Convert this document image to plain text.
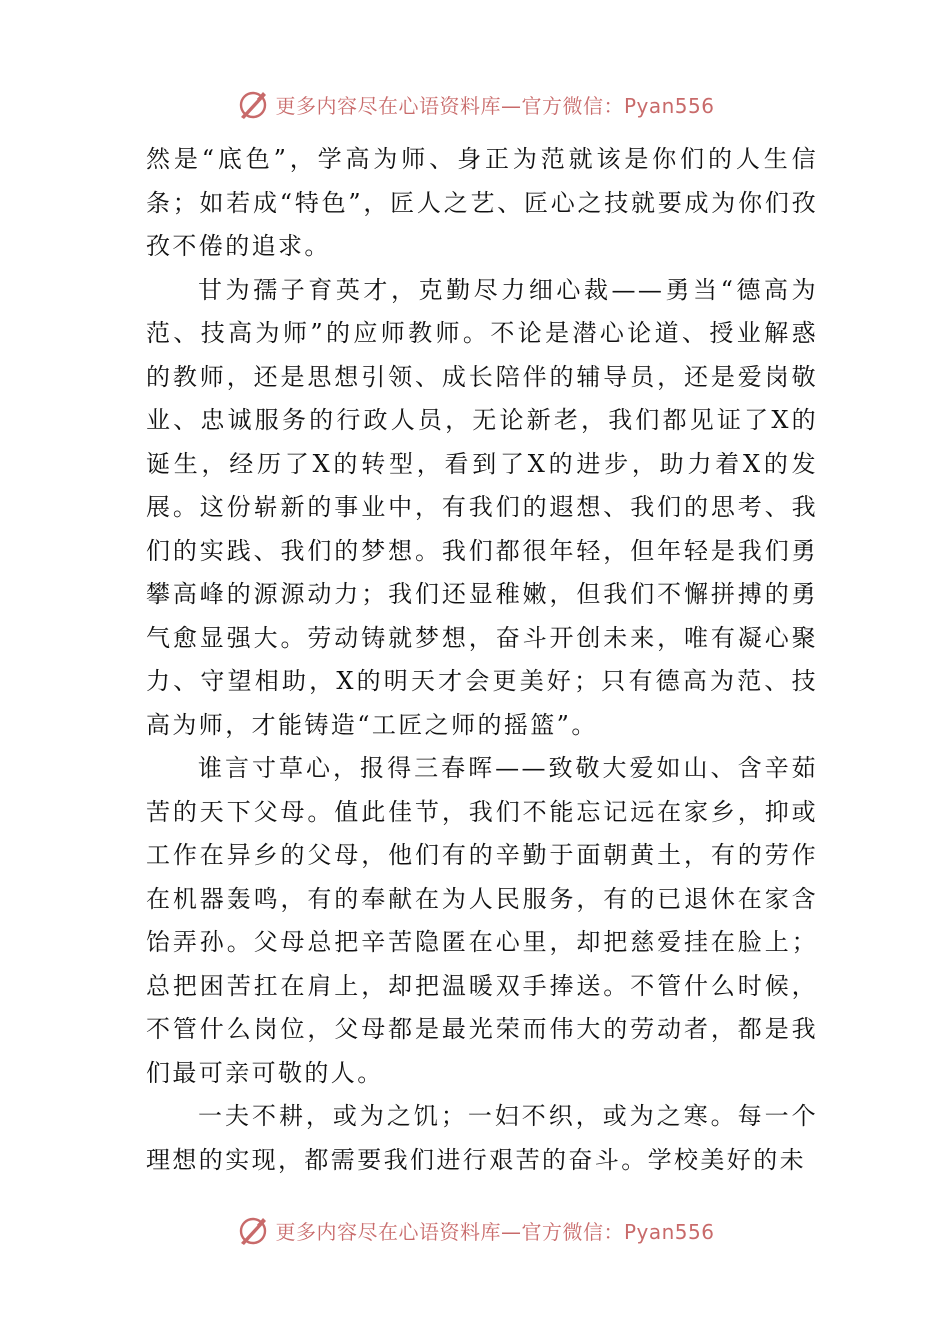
更多内容尽在心语资料库—官方微信：Pyan556

然是“底色”，学高为师、身正为范就该是你们的人生信条；如若成“特色”，匠人之艺、匠心之技就要成为你们孜孜不倦的追求。

甘为孺子育英才，克勤尽力细心裁——勇当“德高为范、技高为师”的应师教师。不论是潜心论道、授业解惑的教师，还是思想引领、成长陪伴的辅导员，还是爱岗敬业、忠诚服务的行政人员，无论新老，我们都见证了X的诞生，经历了X的转型，看到了X的进步，助力着X的发展。这份崭新的事业中，有我们的遐想、我们的思考、我们的实践、我们的梦想。我们都很年轻，但年轻是我们勇攀高峰的源源动力；我们还显稚嫩，但我们不懈拼搏的勇气愈显强大。劳动铸就梦想，奋斗开创未来，唯有凝心聚力、守望相助，X的明天才会更美好；只有德高为范、技高为师，才能铸造“工匠之师的摇篮”。

谁言寸草心，报得三春晖——致敬大爱如山、含辛茹苦的天下父母。值此佳节，我们不能忘记远在家乡，抑或工作在异乡的父母，他们有的辛勤于面朝黄土，有的劳作在机器轰鸣，有的奉献在为人民服务，有的已退休在家含饴弄孙。父母总把辛苦隐匿在心里，却把慈爱挂在脸上；总把困苦扛在肩上，却把温暖双手捧送。不管什么时候，不管什么岗位，父母都是最光荣而伟大的劳动者，都是我们最可亲可敬的人。

一夫不耕，或为之饥；一妇不织，或为之寒。每一个理想的实现，都需要我们进行艰苦的奋斗。学校美好的未

更多内容尽在心语资料库—官方微信：Pyan556
